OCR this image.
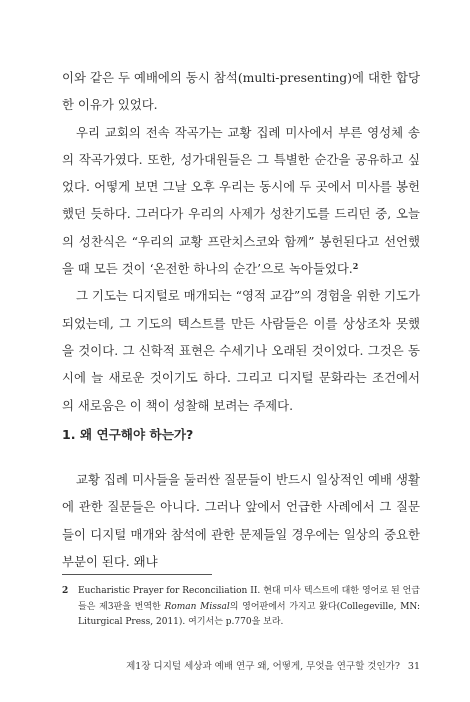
이와 같은 두 예배에의 동시 참석(multi-presenting)에 대한 합당한 이유가 있었다.

우리 교회의 전속 작곡가는 교황 집례 미사에서 부른 영성체 송의 작곡가였다. 또한, 성가대원들은 그 특별한 순간을 공유하고 싶었다. 어떻게 보면 그날 오후 우리는 동시에 두 곳에서 미사를 봉헌했던 듯하다. 그러다가 우리의 사제가 성찬기도를 드리던 중, 오늘의 성찬식은 “우리의 교황 프란치스코와 함께” 봉헌된다고 선언했을 때 모든 것이 ‘온전한 하나의 순간’으로 녹아들었다.$^2$

그 기도는 디지털로 매개되는 “영적 교감”의 경험을 위한 기도가 되었는데, 그 기도의 텍스트를 만든 사람들은 이를 상상조차 못했을 것이다. 그 신학적 표현은 수세기나 오래된 것이었다. 그것은 동시에 늘 새로운 것이기도 하다. 그리고 디지털 문화라는 조건에서의 새로움은 이 책이 성찰해 보려는 주제다.

1. 왜 연구해야 하는가?

교황 집례 미사들을 둘러싼 질문들이 반드시 일상적인 예배 생활에 관한 질문들은 아니다. 그러나 앞에서 언급한 사례에서 그 질문들이 디지털 매개와 참석에 관한 문제들일 경우에는 일상의 중요한 부분이 된다. 왜냐

2	Eucharistic Prayer for Reconciliation II. 현대 미사 텍스트에 대한 영어로 된 언급들은 제3판을 번역한 Roman Missal의 영어판에서 가지고 왔다(Collegeville, MN: Liturgical Press, 2011). 여기서는 p.770을 보라.
제1장 디지털 세상과 예배 연구 왜, 어떻게, 무엇을 연구할 것인가? 31
